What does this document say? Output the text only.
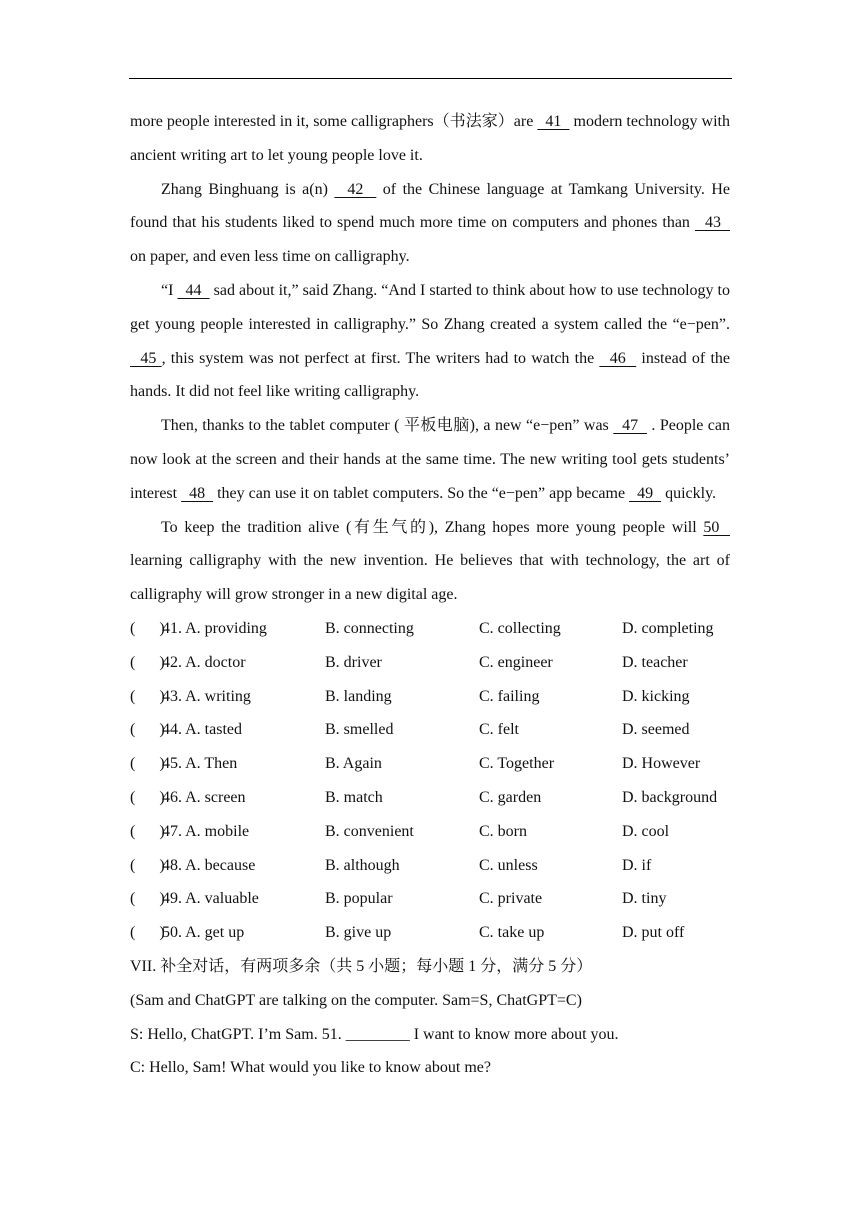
more people interested in it, some calligraphers（书法家）are   41   modern technology with ancient writing art to let young people love it.

Zhang Binghuang is a(n)   42   of the Chinese language at Tamkang University. He found that his students liked to spend much more time on computers and phones than   43   on paper, and even less time on calligraphy.

“I   44   sad about it,” said Zhang. “And I started to think about how to use technology to get young people interested in calligraphy.” So Zhang created a system called the “e−pen”.   45 , this system was not perfect at first. The writers had to watch the   46   instead of the hands. It did not feel like writing calligraphy.

Then, thanks to the tablet computer ( 平板电脑), a new “e−pen” was   47   . People can now look at the screen and their hands at the same time. The new writing tool gets students’ interest   48   they can use it on tablet computers. So the “e−pen” app became   49   quickly.

To keep the tradition alive (有生气的), Zhang hopes more young people will 50   learning calligraphy with the new invention. He believes that with technology, the art of calligraphy will grow stronger in a new digital age.

(      )
41. A. providing	B. connecting	C. collecting	D. completing
(      )
42. A. doctor	B. driver	C. engineer	D. teacher
(      )
43. A. writing	B. landing	C. failing	D. kicking
(      )
44. A. tasted	B. smelled	C. felt	D. seemed
(      )
45. A. Then	B. Again	C. Together	D. However
(      )
46. A. screen	B. match	C. garden	D. background
(      )
47. A. mobile	B. convenient	C. born	D. cool
(      )
48. A. because	B. although	C. unless	D. if
(      )
49. A. valuable	B. popular	C. private	D. tiny
(      )
50. A. get up	B. give up	C. take up	D. put off
VII. 补全对话，有两项多余（共 5 小题；每小题 1 分，满分 5 分）
(Sam and ChatGPT are talking on the computer. Sam=S, ChatGPT=C)
S: Hello, ChatGPT. I’m Sam. 51. ________ I want to know more about you.
C: Hello, Sam! What would you like to know about me?
